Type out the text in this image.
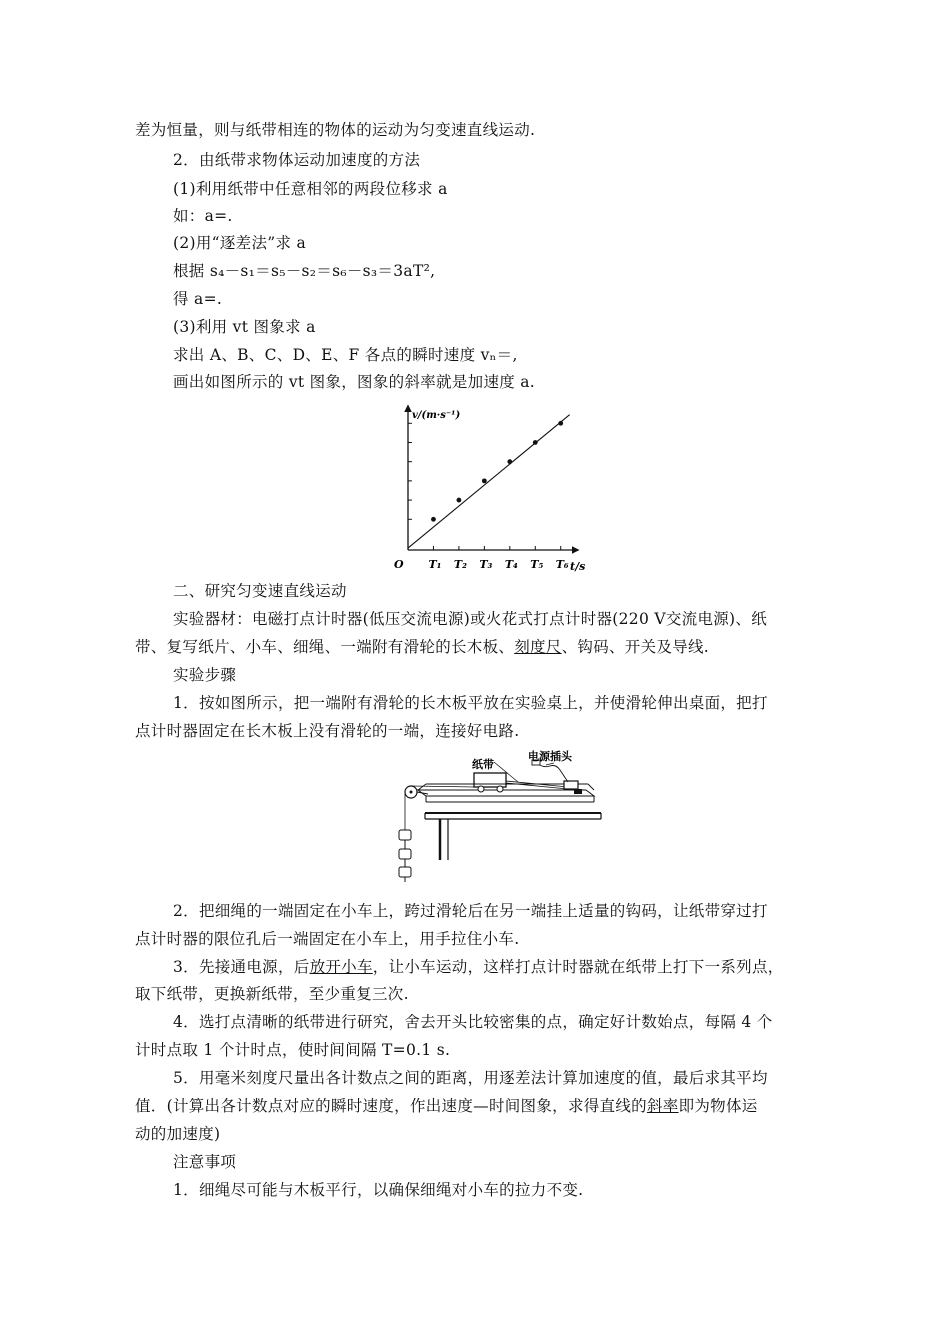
差为恒量，则与纸带相连的物体的运动为匀变速直线运动.
2．由纸带求物体运动加速度的方法
(1)利用纸带中任意相邻的两段位移求 a
如：a=.
(2)用“逐差法”求 a
根据 s₄－s₁＝s₅－s₂＝s₆－s₃＝3aT²,
得 a=.
(3)利用 vt 图象求 a
求出 A、B、C、D、E、F 各点的瞬时速度 vₙ＝,
画出如图所示的 vt 图象，图象的斜率就是加速度 a.
T₁ T₂ T₃ T₄ T₅ T₆
v/(m·s⁻¹)
t/s
O
二、研究匀变速直线运动
实验器材：电磁打点计时器(低压交流电源)或火花式打点计时器(220 V交流电源)、纸
带、复写纸片、小车、细绳、一端附有滑轮的长木板、刻度尺、钩码、开关及导线.
实验步骤
1．按如图所示，把一端附有滑轮的长木板平放在实验桌上，并使滑轮伸出桌面，把打
点计时器固定在长木板上没有滑轮的一端，连接好电路.
纸带
电源插头
2．把细绳的一端固定在小车上，跨过滑轮后在另一端挂上适量的钩码，让纸带穿过打
点计时器的限位孔后一端固定在小车上，用手拉住小车.
3．先接通电源，后放开小车，让小车运动，这样打点计时器就在纸带上打下一系列点，
取下纸带，更换新纸带，至少重复三次.
4．选打点清晰的纸带进行研究，舍去开头比较密集的点，确定好计数始点，每隔 4 个
计时点取 1 个计时点，使时间间隔 T=0.1 s.
5．用毫米刻度尺量出各计数点之间的距离，用逐差法计算加速度的值，最后求其平均
值．(计算出各计数点对应的瞬时速度，作出速度—时间图象，求得直线的斜率即为物体运
动的加速度)
注意事项
1．细绳尽可能与木板平行，以确保细绳对小车的拉力不变.
